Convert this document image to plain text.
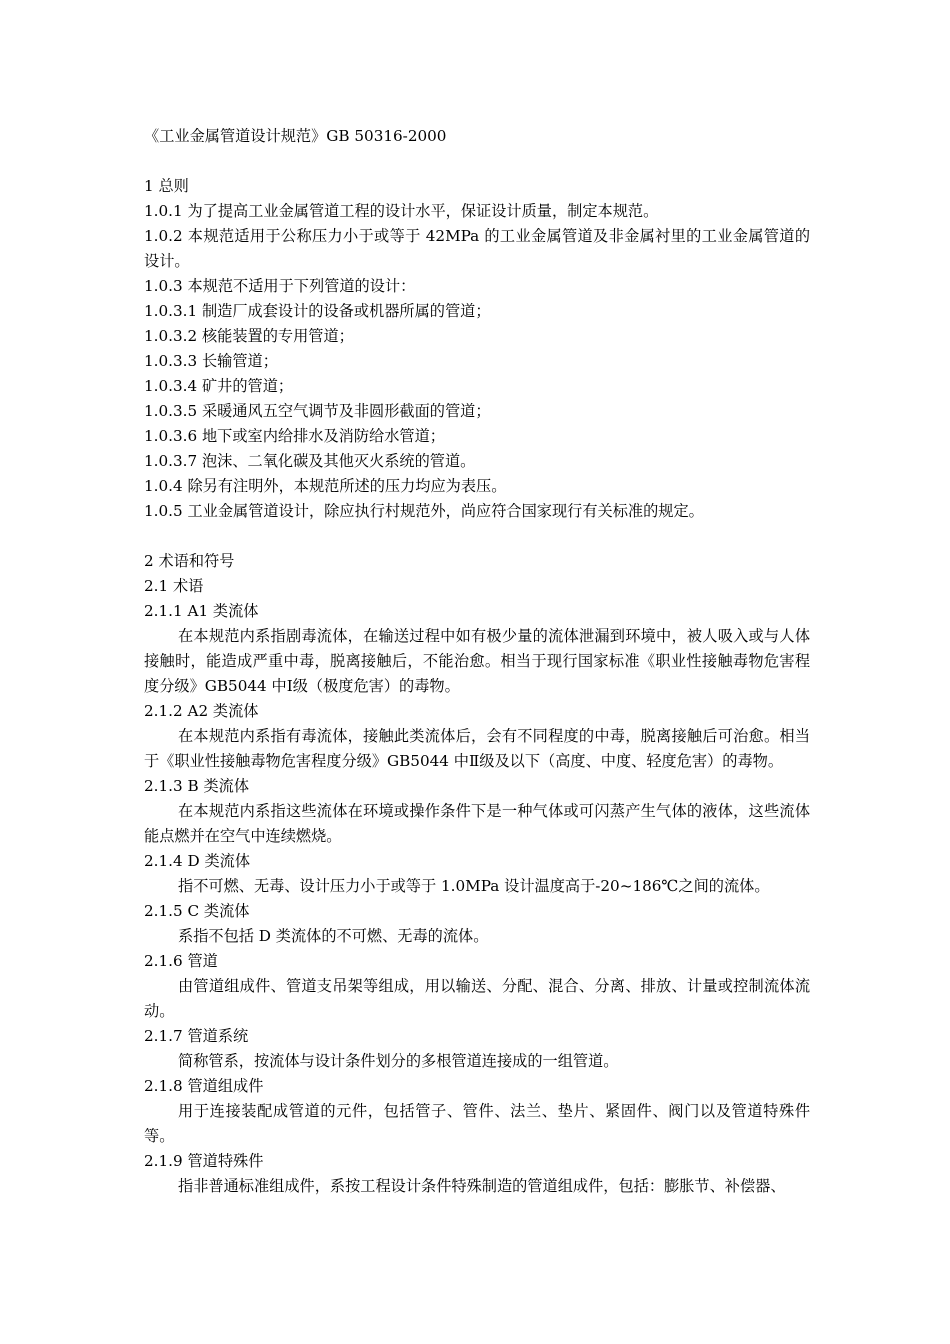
《工业金属管道设计规范》GB 50316-2000
1 总则
1.0.1 为了提高工业金属管道工程的设计水平，保证设计质量，制定本规范。
1.0.2 本规范适用于公称压力小于或等于 42MPa 的工业金属管道及非金属衬里的工业金属管道的设计。
1.0.3 本规范不适用于下列管道的设计：
1.0.3.1 制造厂成套设计的设备或机器所属的管道；
1.0.3.2 核能装置的专用管道；
1.0.3.3 长输管道；
1.0.3.4 矿井的管道；
1.0.3.5 采暖通风五空气调节及非圆形截面的管道；
1.0.3.6 地下或室内给排水及消防给水管道；
1.0.3.7 泡沫、二氧化碳及其他灭火系统的管道。
1.0.4 除另有注明外，本规范所述的压力均应为表压。
1.0.5 工业金属管道设计，除应执行村规范外，尚应符合国家现行有关标准的规定。
2 术语和符号
2.1 术语
2.1.1 A1 类流体
在本规范内系指剧毒流体，在输送过程中如有极少量的流体泄漏到环境中，被人吸入或与人体接触时，能造成严重中毒，脱离接触后，不能治愈。相当于现行国家标准《职业性接触毒物危害程度分级》GB5044 中Ⅰ级（极度危害）的毒物。
2.1.2 A2 类流体
在本规范内系指有毒流体，接触此类流体后，会有不同程度的中毒，脱离接触后可治愈。相当于《职业性接触毒物危害程度分级》GB5044 中Ⅱ级及以下（高度、中度、轻度危害）的毒物。
2.1.3 B 类流体
在本规范内系指这些流体在环境或操作条件下是一种气体或可闪蒸产生气体的液体，这些流体能点燃并在空气中连续燃烧。
2.1.4 D 类流体
指不可燃、无毒、设计压力小于或等于 1.0MPa 设计温度高于-20~186℃之间的流体。
2.1.5 C 类流体
系指不包括 D 类流体的不可燃、无毒的流体。
2.1.6 管道
由管道组成件、管道支吊架等组成，用以输送、分配、混合、分离、排放、计量或控制流体流动。
2.1.7 管道系统
简称管系，按流体与设计条件划分的多根管道连接成的一组管道。
2.1.8 管道组成件
用于连接装配成管道的元件，包括管子、管件、法兰、垫片、紧固件、阀门以及管道特殊件等。
2.1.9 管道特殊件
指非普通标准组成件，系按工程设计条件特殊制造的管道组成件，包括：膨胀节、补偿器、
